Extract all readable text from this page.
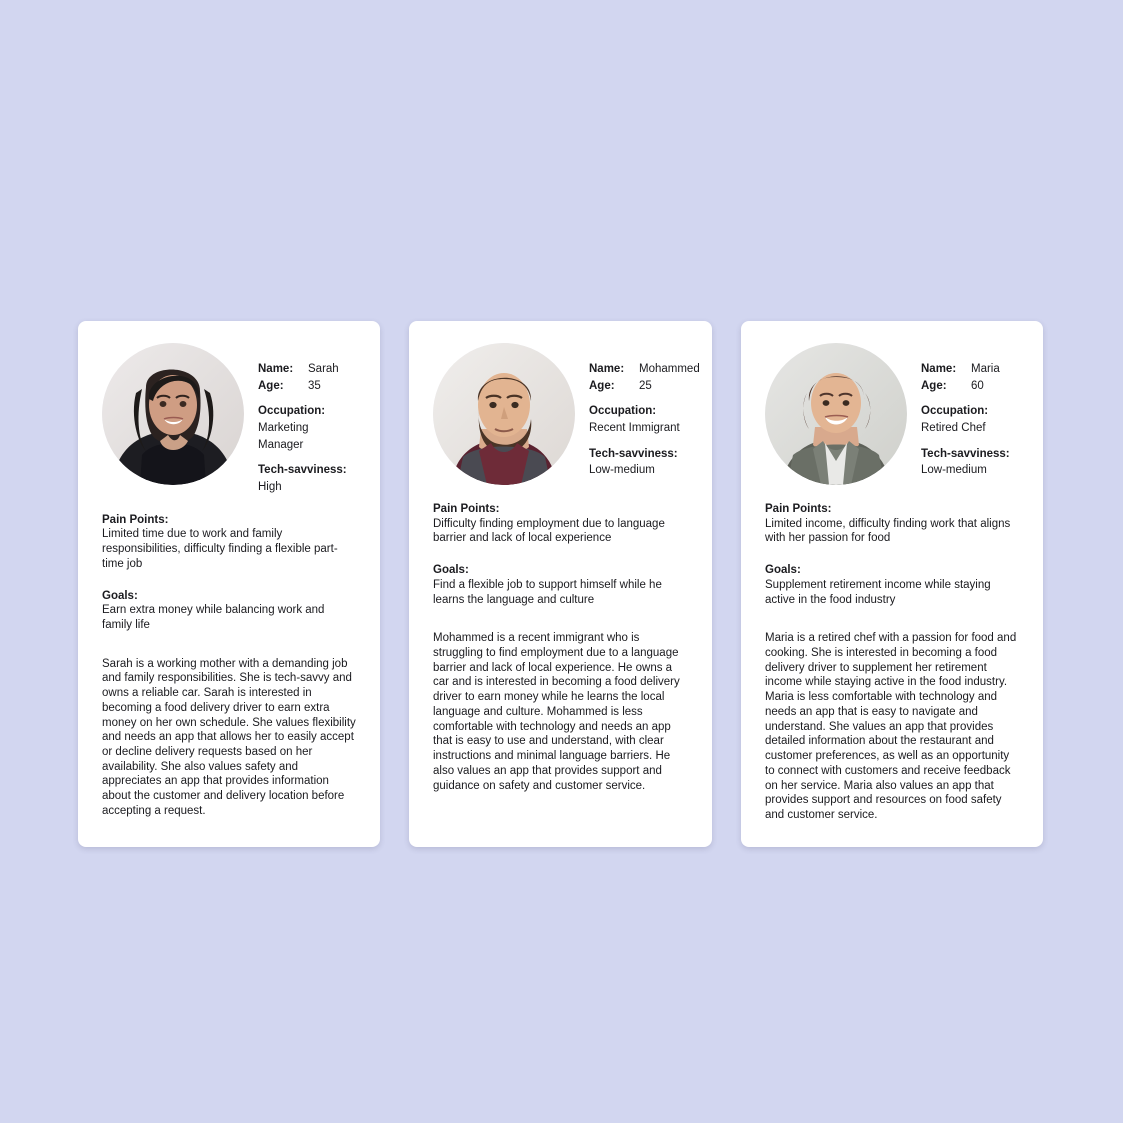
Name:	Sarah
Age:	35
Occupation:
Marketing Manager
Tech-savviness:
High
Pain Points:
Limited time due to work and family responsibilities, difficulty finding a flexible part-time job
Goals:
Earn extra money while balancing work and family life
Sarah is a working mother with a demanding job and family responsibilities. She is tech-savvy and owns a reliable car. Sarah is interested in becoming a food delivery driver to earn extra money on her own schedule. She values flexibility and needs an app that allows her to easily accept or decline delivery requests based on her availability. She also values safety and appreciates an app that provides information about the customer and delivery location before accepting a request.
Name:	Mohammed
Age:	25
Occupation:
Recent Immigrant
Tech-savviness:
Low-medium
Pain Points:
Difficulty finding employment due to language barrier and lack of local experience
Goals:
Find a flexible job to support himself while he learns the language and culture
Mohammed is a recent immigrant who is struggling to find employment due to a language barrier and lack of local experience. He owns a car and is interested in becoming a food delivery driver to earn money while he learns the local language and culture. Mohammed is less comfortable with technology and needs an app that is easy to use and understand, with clear instructions and minimal language barriers. He also values an app that provides support and guidance on safety and customer service.
Name:	Maria
Age:	60
Occupation:
Retired Chef
Tech-savviness:
Low-medium
Pain Points:
Limited income, difficulty finding work that aligns with her passion for food
Goals:
Supplement retirement income while staying active in the food industry
Maria is a retired chef with a passion for food and cooking. She is interested in becoming a food delivery driver to supplement her retirement income while staying active in the food industry. Maria is less comfortable with technology and needs an app that is easy to navigate and understand. She values an app that provides detailed information about the restaurant and customer preferences, as well as an opportunity to connect with customers and receive feedback on her service. Maria also values an app that provides support and resources on food safety and customer service.
